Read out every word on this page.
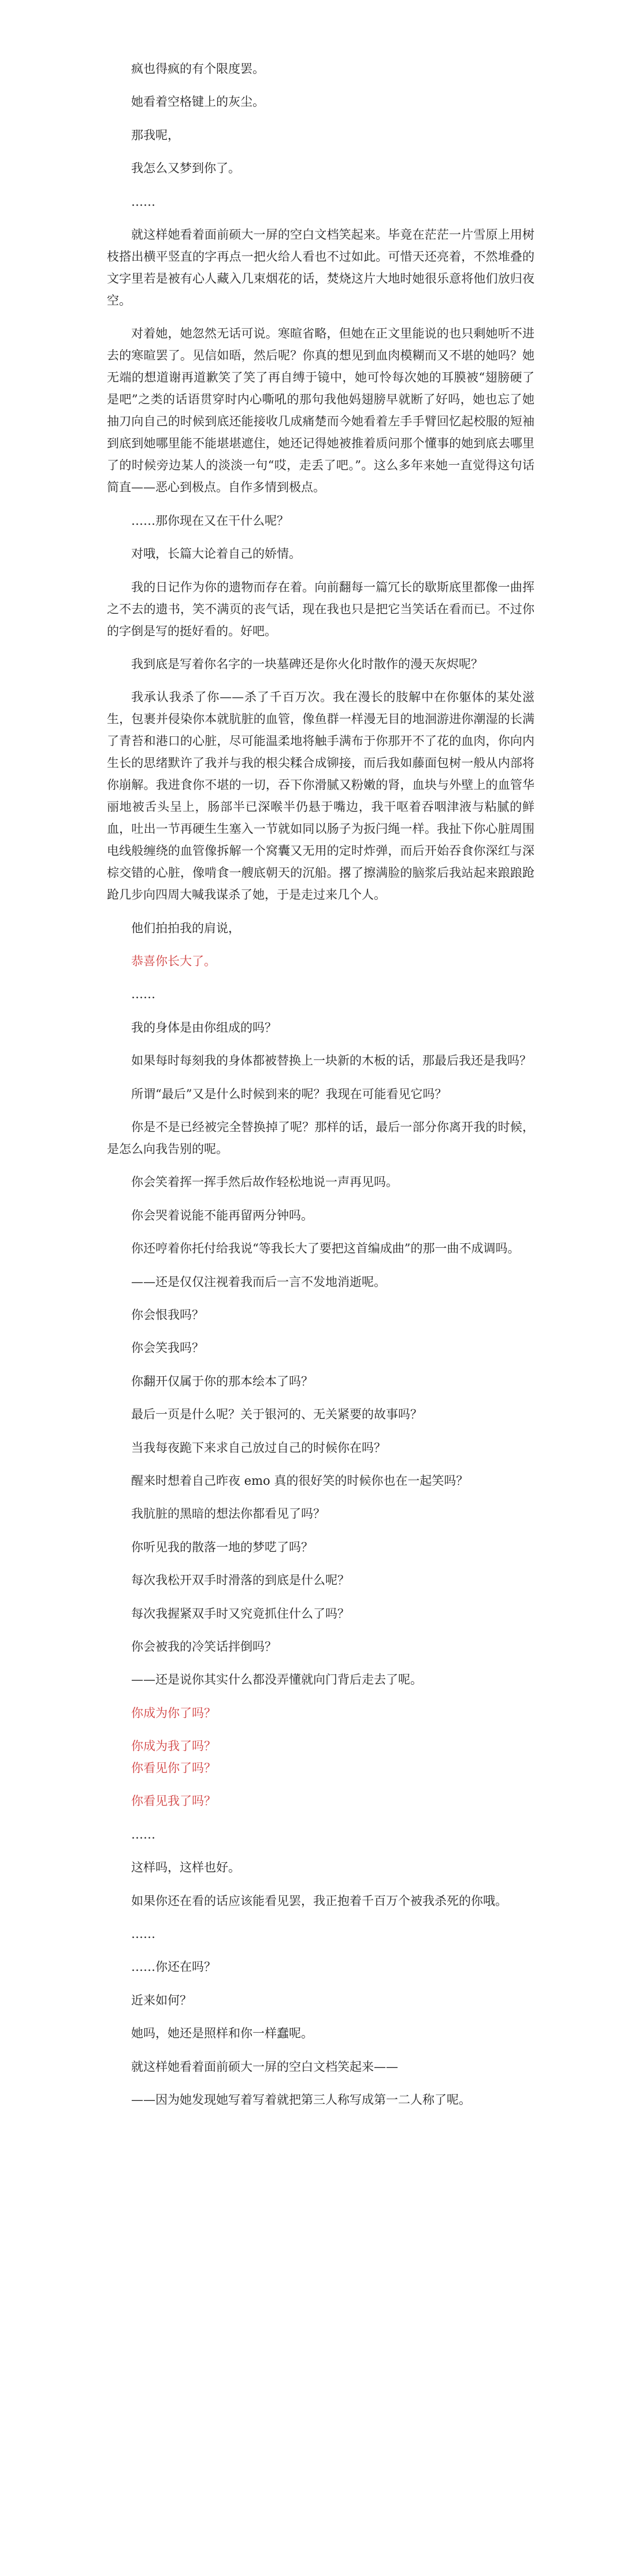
疯也得疯的有个限度罢。

她看着空格键上的灰尘。

那我呢，

我怎么又梦到你了。

……

就这样她看着面前硕大一屏的空白文档笑起来。毕竟在茫茫一片雪原上用树枝搭出横平竖直的字再点一把火给人看也不过如此。可惜天还亮着，不然堆叠的文字里若是被有心人藏入几束烟花的话，焚烧这片大地时她很乐意将他们放归夜空。

对着她，她忽然无话可说。寒暄省略，但她在正文里能说的也只剩她听不进去的寒暄罢了。见信如晤，然后呢？你真的想见到血肉模糊而又不堪的她吗？她无端的想道谢再道歉笑了笑了再自缚于镜中，她可怜每次她的耳膜被“翅膀硬了是吧”之类的话语贯穿时内心嘶吼的那句我他妈翅膀早就断了好吗，她也忘了她抽刀向自己的时候到底还能接收几成痛楚而今她看着左手手臂回忆起校服的短袖到底到她哪里能不能堪堪遮住，她还记得她被推着质问那个懂事的她到底去哪里了的时候旁边某人的淡淡一句“哎，走丢了吧。”。这么多年来她一直觉得这句话简直——恶心到极点。自作多情到极点。

……那你现在又在干什么呢？

对哦，长篇大论着自己的娇情。

我的日记作为你的遗物而存在着。向前翻每一篇冗长的歇斯底里都像一曲挥之不去的遗书，笑不满页的丧气话，现在我也只是把它当笑话在看而已。不过你的字倒是写的挺好看的。好吧。

我到底是写着你名字的一块墓碑还是你火化时散作的漫天灰烬呢？

我承认我杀了你——杀了千百万次。我在漫长的肢解中在你躯体的某处滋生，包裹并侵染你本就肮脏的血管，像鱼群一样漫无目的地洄游进你潮湿的长满了青苔和港口的心脏，尽可能温柔地将触手满布于你那开不了花的血肉，你向内生长的思绪默许了我并与我的根尖糅合成铆接，而后我如藤面包树一般从内部将你崩解。我进食你不堪的一切，吞下你滑腻又粉嫩的肾，血块与外壁上的血管华丽地被舌头呈上，肠部半已深喉半仍悬于嘴边，我干呕着吞咽津液与粘腻的鲜血，吐出一节再硬生生塞入一节就如同以肠子为扳闩绳一样。我扯下你心脏周围电线般缠绕的血管像拆解一个窝囊又无用的定时炸弹，而后开始吞食你深红与深棕交错的心脏，像啃食一艘底朝天的沉船。撂了擦满脸的脑浆后我站起来踉踉跄跄几步向四周大喊我谋杀了她，于是走过来几个人。

他们拍拍我的肩说，

恭喜你长大了。

……

我的身体是由你组成的吗？

如果每时每刻我的身体都被替换上一块新的木板的话，那最后我还是我吗？

所谓“最后”又是什么时候到来的呢？我现在可能看见它吗？

你是不是已经被完全替换掉了呢？那样的话，最后一部分你离开我的时候，是怎么向我告别的呢。

你会笑着挥一挥手然后故作轻松地说一声再见吗。

你会哭着说能不能再留两分钟吗。

你还哼着你托付给我说“等我长大了要把这首编成曲”的那一曲不成调吗。

——还是仅仅注视着我而后一言不发地消逝呢。

你会恨我吗？

你会笑我吗？

你翻开仅属于你的那本绘本了吗？

最后一页是什么呢？关于银河的、无关紧要的故事吗？

当我每夜跪下来求自己放过自己的时候你在吗？

醒来时想着自己昨夜 emo 真的很好笑的时候你也在一起笑吗？

我肮脏的黑暗的想法你都看见了吗？

你听见我的散落一地的梦呓了吗？

每次我松开双手时滑落的到底是什么呢？

每次我握紧双手时又究竟抓住什么了吗？

你会被我的冷笑话拌倒吗？

——还是说你其实什么都没弄懂就向门背后走去了呢。

你成为你了吗？

你成为我了吗？

你看见你了吗？

你看见我了吗？

……

这样吗，这样也好。

如果你还在看的话应该能看见罢，我正抱着千百万个被我杀死的你哦。

……

……你还在吗？

近来如何？

她吗，她还是照样和你一样蠢呢。

就这样她看着面前硕大一屏的空白文档笑起来——

——因为她发现她写着写着就把第三人称写成第一二人称了呢。
